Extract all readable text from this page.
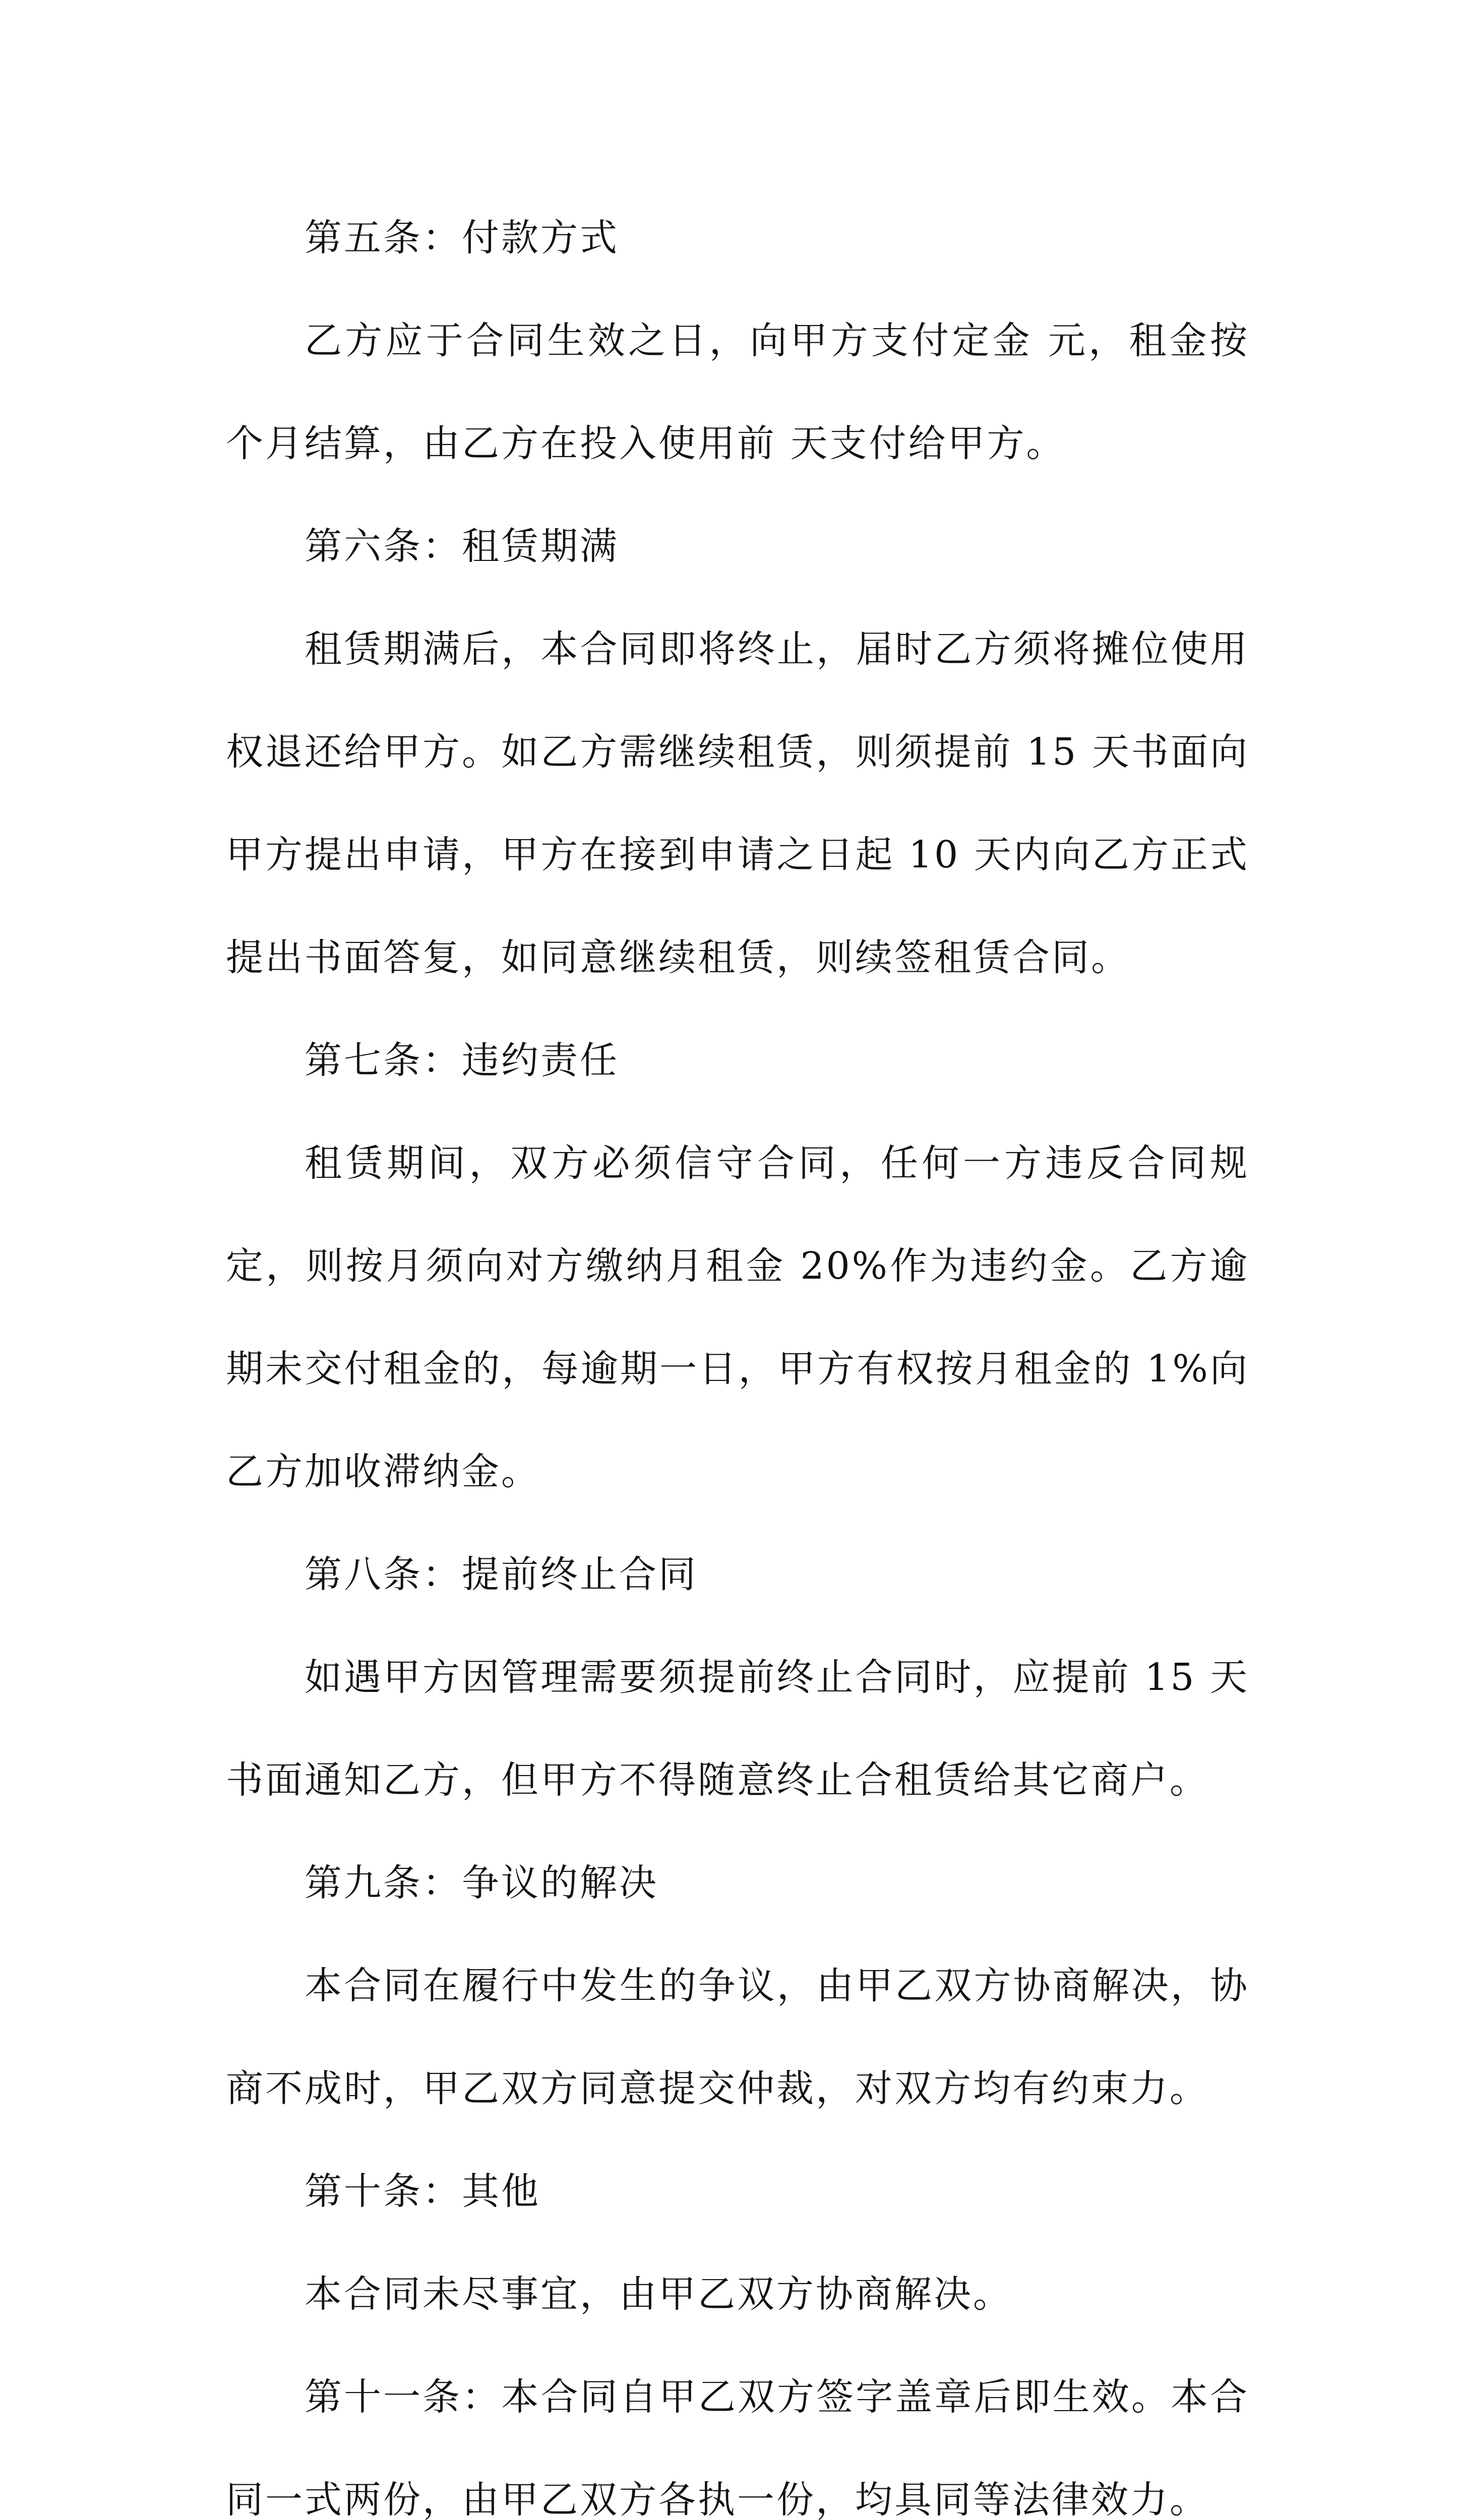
第五条：付款方式

乙方应于合同生效之日，向甲方支付定金 元，租金按 个月结算，由乙方在投入使用前 天支付给甲方。

第六条：租赁期满

租赁期满后，本合同即将终止，届时乙方须将摊位使用权退还给甲方。如乙方需继续租赁，则须提前 15 天书面向甲方提出申请，甲方在接到申请之日起 10 天内向乙方正式提出书面答复，如同意继续租赁，则续签租赁合同。

第七条：违约责任

租赁期间，双方必须信守合同，任何一方违反合同规定，则按月须向对方缴纳月租金 20%作为违约金。乙方逾期未交付租金的，每逾期一日，甲方有权按月租金的 1%向乙方加收滞纳金。

第八条：提前终止合同

如遇甲方因管理需要须提前终止合同时，应提前 15 天书面通知乙方，但甲方不得随意终止合租赁给其它商户。

第九条：争议的解决

本合同在履行中发生的争议，由甲乙双方协商解决，协商不成时，甲乙双方同意提交仲裁，对双方均有约束力。

第十条：其他

本合同未尽事宜，由甲乙双方协商解决。

第十一条：本合同自甲乙双方签字盖章后即生效。本合同一式两份，由甲乙双方各执一份，均具同等法律效力。
